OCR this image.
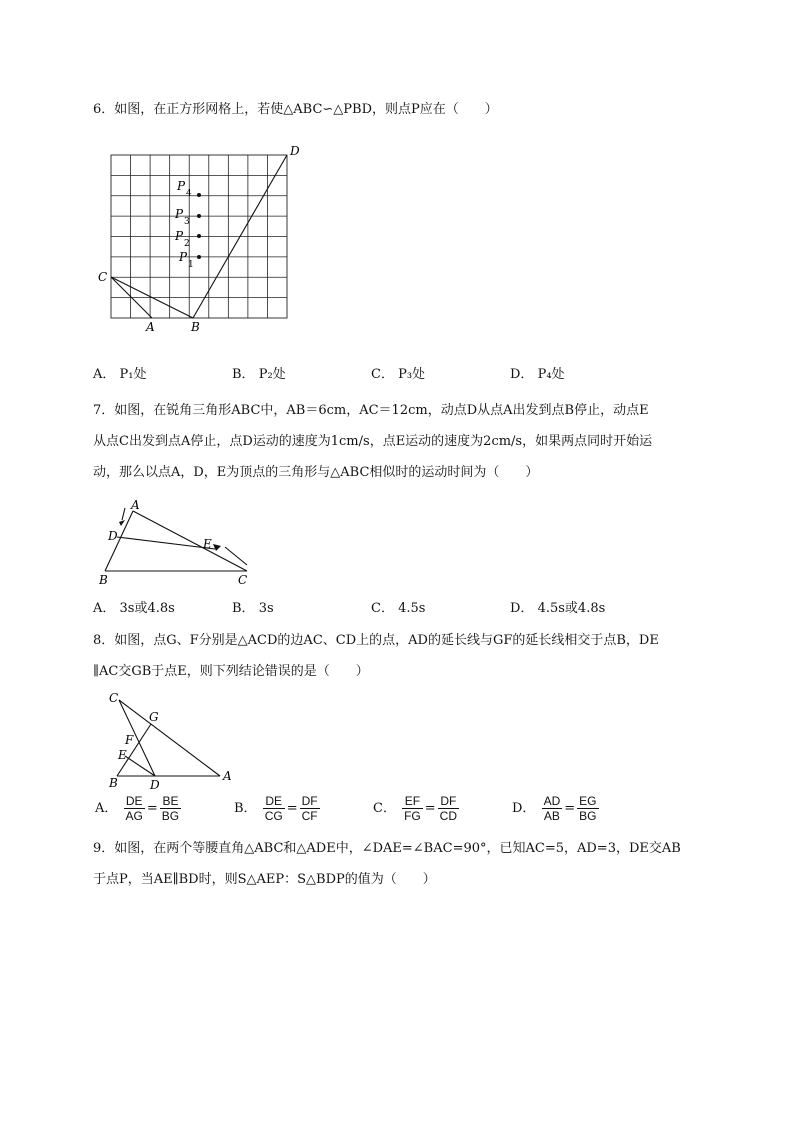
6．如图，在正方形网格上，若使△ABC∽△PBD，则点P应在（　　）
C
A	B
D
P
1
P
2
P
3
P
4
A． P₁处	B． P₂处	C． P₃处	D． P₄处
7．如图，在锐角三角形ABC中，AB＝6cm，AC＝12cm，动点D从点A出发到点B停止，动点E
从点C出发到点A停止，点D运动的速度为1cm/s，点E运动的速度为2cm/s，如果两点同时开始运
动，那么以点A，D，E为顶点的三角形与△ABC相似时的运动时间为（　　）
A
D
E
B	C
A． 3s或4.8s	B． 3s	C． 4.5s	D． 4.5s或4.8s
8．如图，点G、F分别是△ACD的边AC、CD上的点，AD的延长线与GF的延长线相交于点B，DE
∥AC交GB于点E，则下列结论错误的是（　　）
C
G
F
E
B	D
A
A． $\frac{DE}{AG} = \frac{BE}{BG}$	B． $\frac{DE}{CG} = \frac{DF}{CF}$	C． $\frac{EF}{FG} = \frac{DF}{CD}$	D． $\frac{AD}{AB} = \frac{EG}{BG}$
9．如图，在两个等腰直角△ABC和△ADE中，∠DAE=∠BAC=90°，已知AC=5，AD=3，DE交AB
于点P，当AE∥BD时，则S△AEP：S△BDP的值为（　　）
